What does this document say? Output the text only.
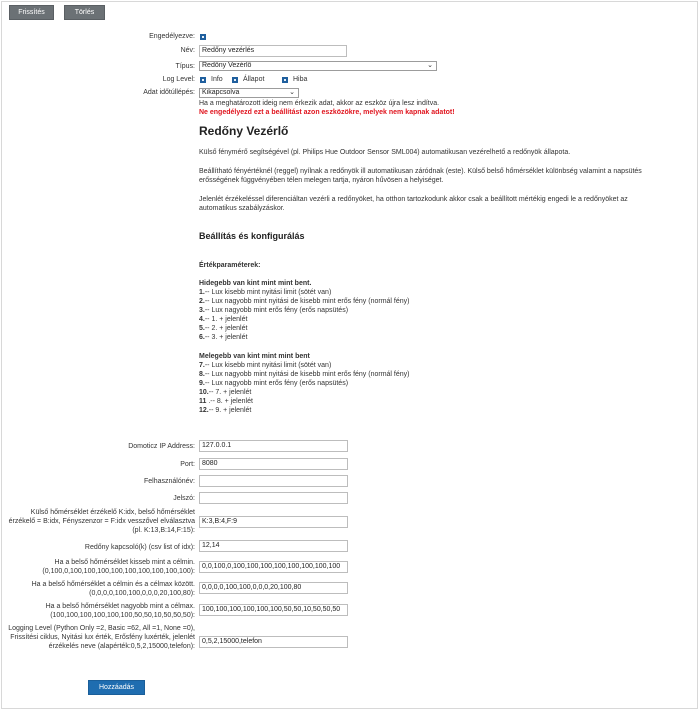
Frissítés	Törlés
Engedélyezve:
Név:	Redőny vezérlés
Típus:	Redőny Vezérlő	⌄
Log Level: Info	Állapot	Hiba
Adat időtúllépés:	Kikapcsolva	⌄
Ha a meghatározott ideig nem érkezik adat, akkor az eszköz újra lesz indítva.
Ne engedélyezd ezt a beállítást azon eszközökre, melyek nem kapnak adatot!
Redőny Vezérlő
Külső fénymérő segítségével (pl. Philips Hue Outdoor Sensor SML004) automatikusan vezérelhető a redőnyök állapota.
Beállítható fényértéknél (reggel) nyílnak a redőnyök ill automatikusan záródnak (este). Külső belső hőmérséklet különbség valamint a napsütés
erősségének függvényében télen melegen tartja, nyáron hűvösen a helyiséget.
Jelenlét érzékeléssel diferenciáltan vezérli a redőnyöket, ha otthon tartozkodunk akkor csak a beállított mértékig engedi le a redőnyöket az
automatikus szabályzáskor.
Beállítás és konfigurálás
Értékparaméterek:
Hidegebb van kint mint mint bent.
1.-- Lux kisebb mint nyitási limit (sötét van)
2.-- Lux nagyobb mint nyitási de kisebb mint erős fény (normál fény)
3.-- Lux nagyobb mint erős fény (erős napsütés)
4.-- 1. + jelenlét
5.-- 2. + jelenlét
6.-- 3. + jelenlét
Melegebb van kint mint mint bent
7.-- Lux kisebb mint nyitási limit (sötét van)
8.-- Lux nagyobb mint nyitási de kisebb mint erős fény (normál fény)
9.-- Lux nagyobb mint erős fény (erős napsütés)
10.-- 7. + jelenlét
11 .-- 8. + jelenlét
12.-- 9. + jelenlét
Domoticz IP Address:	127.0.0.1
Port:	8080
Felhasználónév:
Jelszó:
Külső hőmérséklet érzékelő K:idx, belső hőmérséklet érzékelő = B:idx, Fényszenzor = F:idx vesszővel elválasztva (pl. K:13,B:14,F:15):
K:3,B:4,F:9
Redőny kapcsoló(k) (csv list of idx):	12,14
Ha a belső hőmérséklet kisseb mint a célmin. (0,100,0,100,100,100,100,100,100,100,100,100):
0,0,100,0,100,100,100,100,100,100,100,100
Ha a belső hőmérséklet a célmin és a célmax között. (0,0,0,0,100,100,0,0,0,20,100,80):
0,0,0,0,100,100,0,0,0,20,100,80
Ha a belső hőmérséklet nagyobb mint a célmax. (100,100,100,100,100,100,50,50,10,50,50,50):
100,100,100,100,100,100,50,50,10,50,50,50
Logging Level (Python Only =2, Basic =62, All =1, None =0), Frissítési ciklus, Nyitási lux érték, Erősfény luxérték, jelenlét érzékelés neve (alapérték:0,5,2,15000,telefon):
0,5,2,15000,telefon
Hozzáadás
